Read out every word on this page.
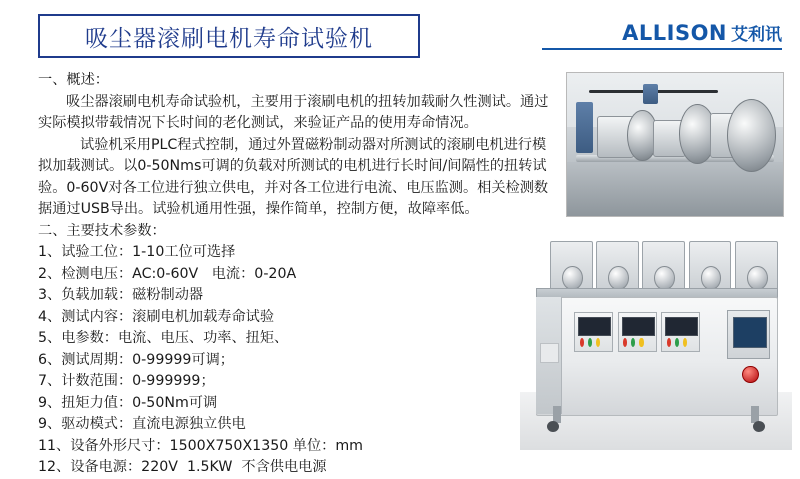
吸尘器滚刷电机寿命试验机	ALLISON 艾利讯

一、概述：

吸尘器滚刷电机寿命试验机，主要用于滚刷电机的扭转加载耐久性测试。通过实际模拟带载情况下长时间的老化测试，来验证产品的使用寿命情况。

试验机采用PLC程式控制，通过外置磁粉制动器对所测试的滚刷电机进行模拟加载测试。以0-50Nms可调的负载对所测试的电机进行长时间/间隔性的扭转试验。0-60V对各工位进行独立供电，并对各工位进行电流、电压监测。相关检测数据通过USB导出。试验机通用性强，操作简单，控制方便，故障率低。

二、主要技术参数：

1、试验工位：1-10工位可选择

2、检测电压：AC:0-60V   电流：0-20A

3、负载加载：磁粉制动器

4、测试内容：滚刷电机加载寿命试验

5、电参数：电流、电压、功率、扭矩、

6、测试周期：0-99999可调；

7、计数范围：0-999999；

9、扭矩力值：0-50Nm可调

9、驱动模式：直流电源独立供电

11、设备外形尺寸：1500X750X1350 单位：mm

12、设备电源：220V  1.5KW  不含供电电源
